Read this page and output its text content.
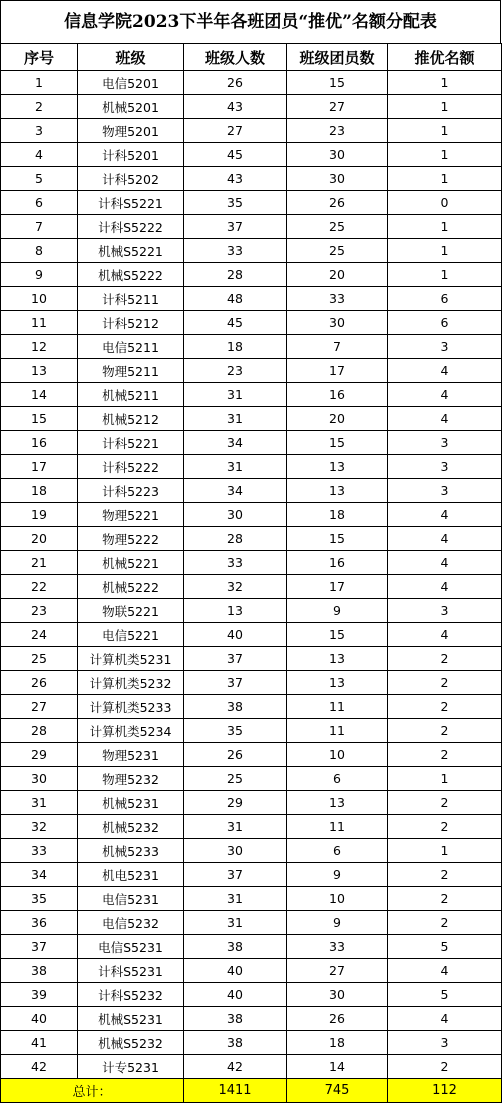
信息学院2023下半年各班团员“推优”名额分配表
序号	班级	班级人数	班级团员数	推优名额
1	电信5201	26	15	1
2	机械5201	43	27	1
3	物理5201	27	23	1
4	计科5201	45	30	1
5	计科5202	43	30	1
6	计科S5221	35	26	0
7	计科S5222	37	25	1
8	机械S5221	33	25	1
9	机械S5222	28	20	1
10	计科5211	48	33	6
11	计科5212	45	30	6
12	电信5211	18	7	3
13	物理5211	23	17	4
14	机械5211	31	16	4
15	机械5212	31	20	4
16	计科5221	34	15	3
17	计科5222	31	13	3
18	计科5223	34	13	3
19	物理5221	30	18	4
20	物理5222	28	15	4
21	机械5221	33	16	4
22	机械5222	32	17	4
23	物联5221	13	9	3
24	电信5221	40	15	4
25	计算机类5231	37	13	2
26	计算机类5232	37	13	2
27	计算机类5233	38	11	2
28	计算机类5234	35	11	2
29	物理5231	26	10	2
30	物理5232	25	6	1
31	机械5231	29	13	2
32	机械5232	31	11	2
33	机械5233	30	6	1
34	机电5231	37	9	2
35	电信5231	31	10	2
36	电信5232	31	9	2
37	电信S5231	38	33	5
38	计科S5231	40	27	4
39	计科S5232	40	30	5
40	机械S5231	38	26	4
41	机械S5232	38	18	3
42	计专5231	42	14	2
总计：		1411	745	112
